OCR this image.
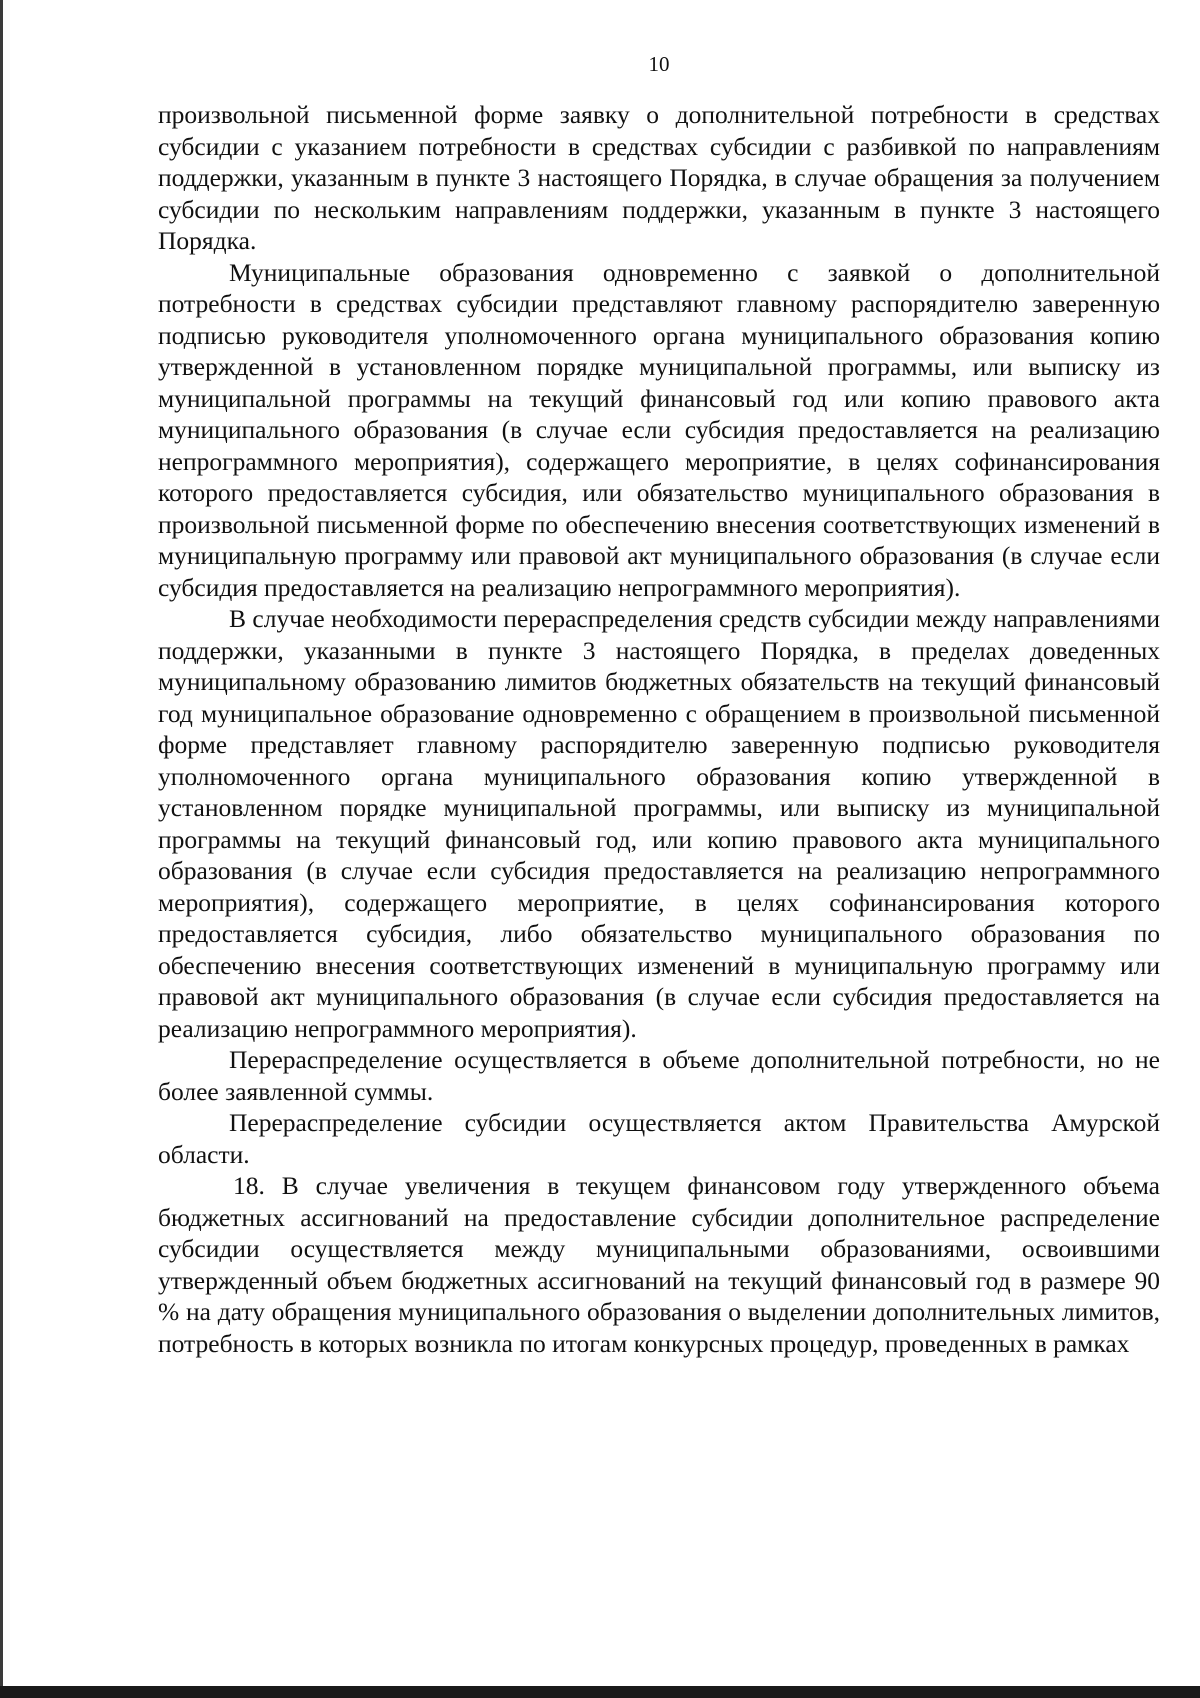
10

произвольной письменной форме заявку о дополнительной потребности в средствах субсидии с указанием потребности в средствах субсидии с разбивкой по направлениям поддержки, указанным в пункте 3 настоящего Порядка, в случае обращения за получением субсидии по нескольким направлениям поддержки, указанным в пункте 3 настоящего Порядка.

Муниципальные образования одновременно с заявкой о дополнительной потребности в средствах субсидии представляют главному распорядителю заверенную подписью руководителя уполномоченного органа муниципального образования копию утвержденной в установленном порядке муниципальной программы, или выписку из муниципальной программы на текущий финансовый год или копию правового акта муниципального образования (в случае если субсидия предоставляется на реализацию непрограммного мероприятия), содержащего мероприятие, в целях софинансирования которого предоставляется субсидия, или обязательство муниципального образования в произвольной письменной форме по обеспечению внесения соответствующих изменений в муниципальную программу или правовой акт муниципального образования (в случае если субсидия предоставляется на реализацию непрограммного мероприятия).

В случае необходимости перераспределения средств субсидии между направлениями поддержки, указанными в пункте 3 настоящего Порядка, в пределах доведенных муниципальному образованию лимитов бюджетных обязательств на текущий финансовый год муниципальное образование одновременно с обращением в произвольной письменной форме представляет главному распорядителю заверенную подписью руководителя уполномоченного органа муниципального образования копию утвержденной в установленном порядке муниципальной программы, или выписку из муниципальной программы на текущий финансовый год, или копию правового акта муниципального образования (в случае если субсидия предоставляется на реализацию непрограммного мероприятия), содержащего мероприятие, в целях софинансирования которого предоставляется субсидия, либо обязательство муниципального образования по обеспечению внесения соответствующих изменений в муниципальную программу или правовой акт муниципального образования (в случае если субсидия предоставляется на реализацию непрограммного мероприятия).

Перераспределение осуществляется в объеме дополнительной потребности, но не более заявленной суммы.

Перераспределение субсидии осуществляется актом Правительства Амурской области.

18. В случае увеличения в текущем финансовом году утвержденного объема бюджетных ассигнований на предоставление субсидии дополнительное распределение субсидии осуществляется между муниципальными образованиями, освоившими утвержденный объем бюджетных ассигнований на текущий финансовый год в размере 90 % на дату обращения муниципального образования о выделении дополнительных лимитов, потребность в которых возникла по итогам конкурсных процедур, проведенных в рамках
